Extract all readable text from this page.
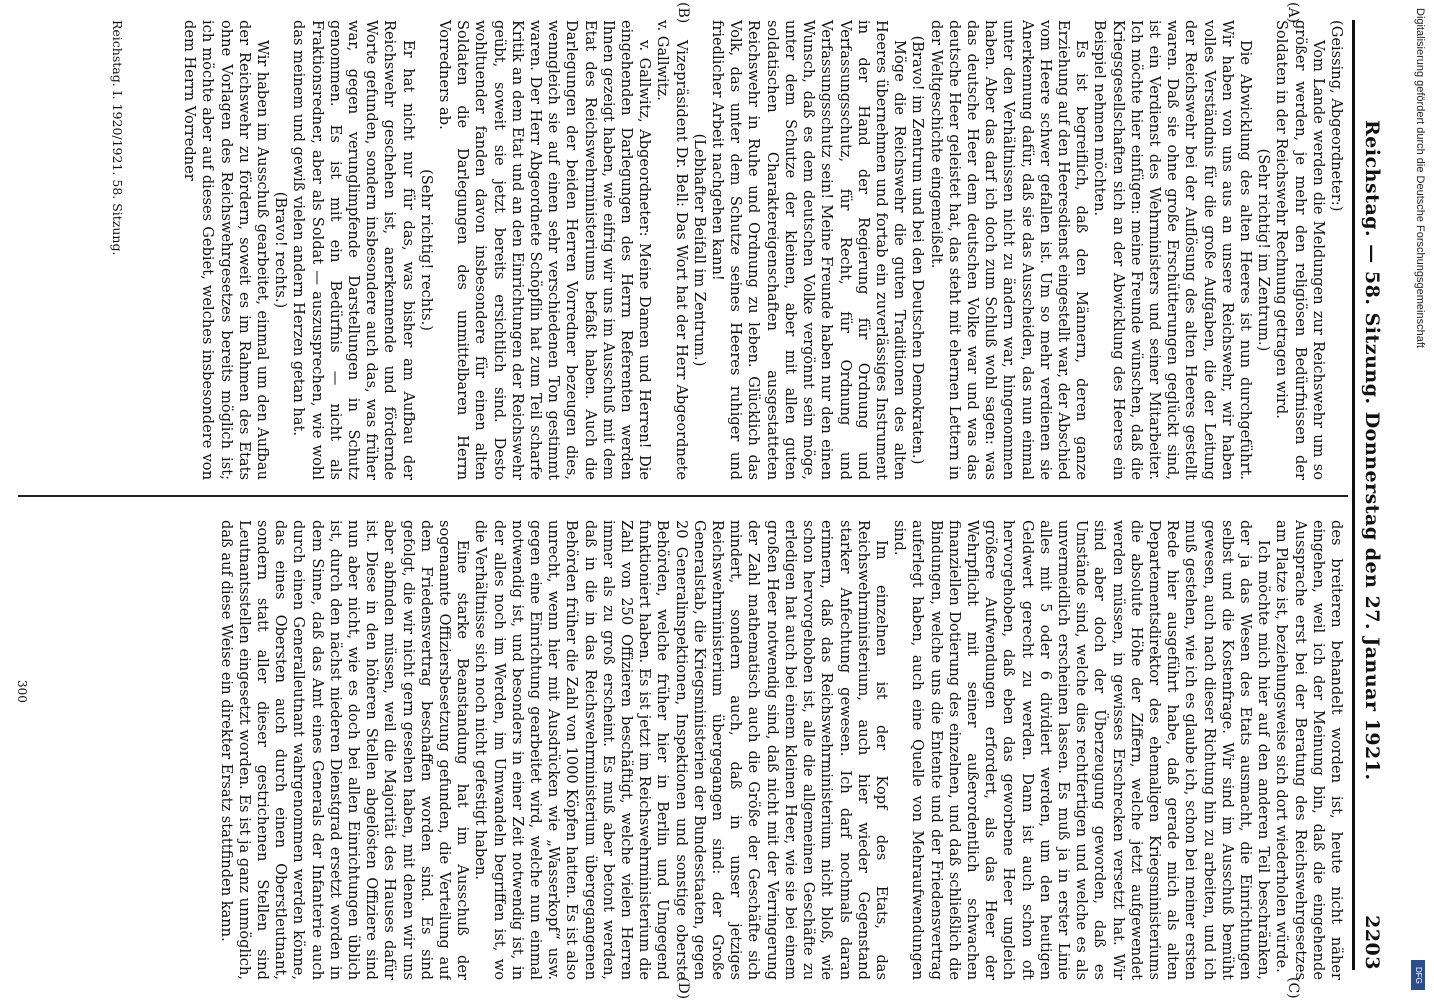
Reichstag. — 58. Sitzung. Donnerstag den 27. Januar 1921.
2203
(A)
(B)
(C)
(D)

(Geissing, Abgeordneter:)

Vom Lande werden die Meldungen zur Reichswehr um so größer werden, je mehr den religiösen Bedürfnissen der Soldaten in der Reichswehr Rechnung getragen wird.

(Sehr richtig! im Zentrum.)

Die Abwicklung des alten Heeres ist nun durchgeführt. Wir haben von uns aus an unsere Reichswehr, wir haben volles Verständnis für die große Aufgaben, die der Leitung der Reichswehr bei der Auflösung des alten Heeres gestellt waren. Daß sie ohne große Erschütterungen geglückt sind, ist ein Verdienst des Wehrministers und seiner Mitarbeiter. Ich möchte hier einfügen: meine Freunde wünschen, daß die Kriegsgesellschaften sich an der Abwicklung des Heeres ein Beispiel nehmen möchten.

Es ist begreiflich, daß den Männern, deren ganze Erziehung auf den Heeresdienst eingestellt war, der Abschied vom Heere schwer gefallen ist. Um so mehr verdienen sie Anerkennung dafür, daß sie das Ausscheiden, das nun einmal unter den Verhältnissen nicht zu ändern war, hingenommen haben. Aber das darf ich doch zum Schluß wohl sagen: was das deutsche Heer dem deutschen Volke war und was das deutsche Heer geleistet hat, das steht mit ehernen Lettern in der Weltgeschichte eingemeißelt.

(Bravo! im Zentrum und bei den Deutschen Demokraten.)

Möge die Reichswehr die guten Traditionen des alten Heeres übernehmen und fortab ein zuverlässiges Instrument in der Hand der Regierung für Ordnung und Verfassungsschutz, für Recht, für Ordnung und Verfassungsschutz sein! Meine Freunde haben nur den einen Wunsch, daß es dem deutschen Volke vergönnt sein möge, unter dem Schutze der kleinen, aber mit allen guten soldatischen Charaktereigenschaften ausgestatteten Reichswehr in Ruhe und Ordnung zu leben. Glücklich das Volk, das unter dem Schutze seines Heeres ruhiger und friedlicher Arbeit nachgehen kann!

(Lebhafter Beifall im Zentrum.)

Vizepräsident Dr. Bell: Das Wort hat der Herr Abgeordnete v. Gallwitz.

v. Gallwitz, Abgeordneter: Meine Damen und Herren! Die eingehenden Darlegungen des Herrn Referenten werden Ihnen gezeigt haben, wie eifrig wir uns im Ausschuß mit dem Etat des Reichswehrministeriums befaßt haben. Auch die Darlegungen der beiden Herren Vorredner bezeugen dies, wenngleich sie auf einen sehr verschiedenen Ton gestimmt waren. Der Herr Abgeordnete Schöpflin hat zum Teil scharfe Kritik an dem Etat und an den Einrichtungen der Reichswehr geübt, soweit sie jetzt bereits ersichtlich sind. Desto wohltuender fanden davon insbesondere für einen alten Soldaten die Darlegungen des unmittelbaren Herrn Vorredners ab.

(Sehr richtig! rechts.)

Er hat nicht nur für das, was bisher am Aufbau der Reichswehr geschehen ist, anerkennende und fördernde Worte gefunden, sondern insbesondere auch das, was früher war, gegen verunglimpfende Darstellungen in Schutz genommen. Es ist mit ein Bedürfnis — nicht als Fraktionsredner, aber als Soldat — auszusprechen, wie wohl das meinem und gewiß vielen andern Herzen getan hat.

(Bravo! rechts.)

Wir haben im Ausschuß gearbeitet, einmal um den Aufbau der Reichswehr zu fördern, soweit es im Rahmen des Etats ohne Vorlagen des Reichswehrgesetzes bereits möglich ist; ich möchte aber auf dieses Gebiet, welches insbesondere von dem Herrn Vorredner

des breiteren behandelt worden ist, heute nicht näher eingehen, weil ich der Meinung bin, daß die eingehende Aussprache erst bei der Beratung des Reichswehrgesetzes am Platze ist, beziehungsweise sich dort wiederholen würde.

Ich möchte mich hier auf den anderen Teil beschränken, der ja das Wesen des Etats ausmacht, die Einrichtungen selbst und die Kostenfrage. Wir sind im Ausschuß bemüht gewesen, auch nach dieser Richtung hin zu arbeiten, und ich muß gestehen, wie ich es glaube ich, schon bei meiner ersten Rede hier ausgeführt habe, daß gerade mich als alten Departementsdirektor des ehemaligen Kriegsministeriums die absolute Höhe der Ziffern, welche jetzt aufgewendet werden müssen, in gewisses Erschrecken versetzt hat. Wir sind aber doch der Überzeugung geworden, daß es Umstände sind, welche dies rechtfertigen und welche es als unvermeidlich erscheinen lassen. Es muß ja in erster Linie alles mit 5 oder 6 dividiert werden, um den heutigen Geldwert gerecht zu werden. Dann ist auch schon oft hervorgehoben, daß eben das geworbene Heer ungleich größere Aufwendungen erfordert, als das Heer der Wehrpflicht mit seiner außerordentlich schwachen finanziellen Dotierung des einzelnen, und daß schließlich die Bindungen, welche uns die Entente und der Friedensvertrag auferlegt haben, auch eine Quelle von Mehraufwendungen sind.

Im einzelnen ist der Kopf des Etats, das Reichswehrministerium, auch hier wieder Gegenstand starker Anfechtung gewesen. Ich darf nochmals daran erinnern, daß das Reichswehrministerium nicht bloß, wie schon hervorgehoben ist, alle die allgemeinen Geschäfte zu erledigen hat auch bei einem kleinen Heer, wie sie bei einem großen Heer notwendig sind, daß nicht mit der Verringerung der Zahl mathematisch auch die Größe der Geschäfte sich mindert, sondern auch, daß in unser jetziges Reichswehrministerium übergegangen sind: der Große Generalstab, die Kriegsministerien der Bundesstaaten, gegen 20 Generalinspektionen, Inspektionen und sonstige oberste Behörden, welche früher hier in Berlin und Umgegend funktioniert haben. Es ist jetzt im Reichswehrministerium die Zahl von 250 Offizieren beschäftigt, welche vielen Herren immer als zu groß erscheint. Es muß aber betont werden, daß in die in das Reichswehrministerium übergegangenen Behörden früher die Zahl von 1000 Köpfen hatten. Es ist also unrecht, wenn hier mit Ausdrücken wie „Wasserkopf“ usw. gegen eine Einrichtung gearbeitet wird, welche nun einmal notwendig ist, und besonders in einer Zeit notwendig ist, in der alles noch im Werden, im Umwandeln begriffen ist, wo die Verhältnisse sich noch nicht gefestigt haben.

Eine starke Beanstandung hat im Ausschuß der sogenannte Offiziersbesetzung gefunden, die Verteilung auf dem Friedensvertrag beschaffen worden sind. Es sind gefolgt, die wir nicht gern gesehen haben, mit denen wir uns aber abfinden müssen, weil die Majorität des Hauses dafür ist. Diese in den höheren Stellen abgelösten Offiziere sind nun aber nicht, wie es doch bei allen Einrichtungen üblich ist, durch den nächst niederen Dienstgrad ersetzt worden in dem Sinne, daß das Amt eines Generals der Infanterie auch durch einen Generalleutnant wahrgenommen werden könne, das eines Obersten auch durch einen Oberstleutnant, sondern statt aller dieser gestrichenen Stellen sind Leutnantsstellen eingesetzt worden. Es ist ja ganz unmöglich, daß auf diese Weise ein direkter Ersatz stattfinden kann.

Reichstag. I. 1920/1921. 58. Sitzung.
300
Digitalisierung gefördert durch die Deutsche Forschungsgemeinschaft
DFG
